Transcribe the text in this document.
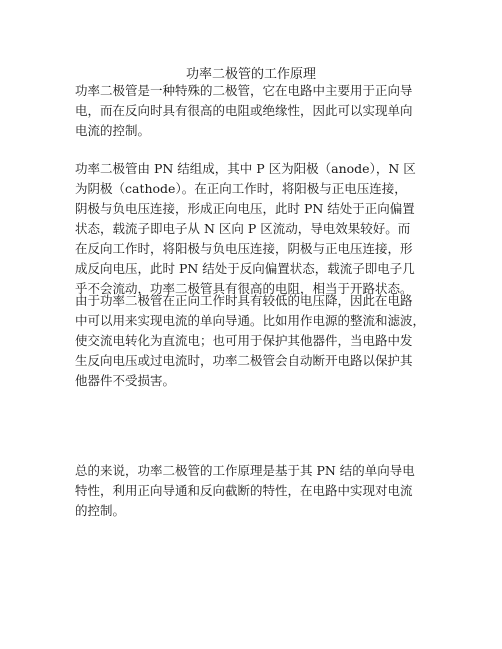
功率二极管的工作原理
功率二极管是一种特殊的二极管，它在电路中主要用于正向导
电，而在反向时具有很高的电阻或绝缘性，因此可以实现单向
电流的控制。
功率二极管由 PN 结组成，其中 P 区为阳极（anode），N 区
为阴极（cathode）。在正向工作时，将阳极与正电压连接，
阴极与负电压连接，形成正向电压，此时 PN 结处于正向偏置
状态，载流子即电子从 N 区向 P 区流动，导电效果较好。而
在反向工作时，将阳极与负电压连接，阴极与正电压连接，形
成反向电压，此时 PN 结处于反向偏置状态，载流子即电子几
乎不会流动，功率二极管具有很高的电阻，相当于开路状态。
由于功率二极管在正向工作时具有较低的电压降，因此在电路
中可以用来实现电流的单向导通。比如用作电源的整流和滤波，
使交流电转化为直流电；也可用于保护其他器件，当电路中发
生反向电压或过电流时，功率二极管会自动断开电路以保护其
他器件不受损害。
总的来说，功率二极管的工作原理是基于其 PN 结的单向导电
特性，利用正向导通和反向截断的特性，在电路中实现对电流
的控制。
